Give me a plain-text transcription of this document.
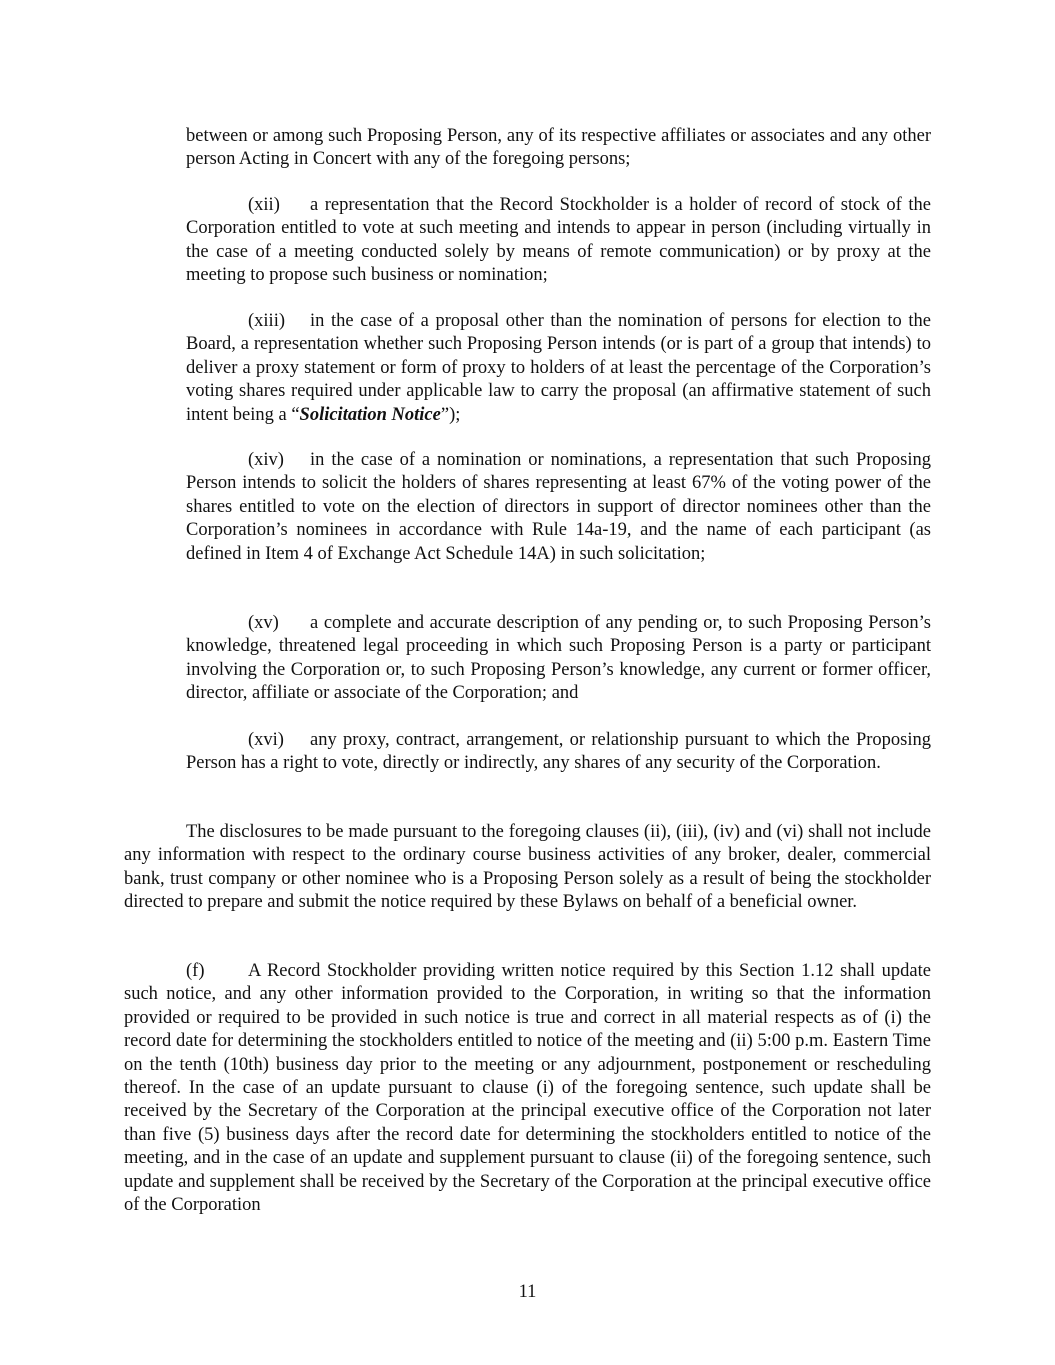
between or among such Proposing Person, any of its respective affiliates or associates and any other person Acting in Concert with any of the foregoing persons;

(xii) a representation that the Record Stockholder is a holder of record of stock of the Corporation entitled to vote at such meeting and intends to appear in person (including virtually in the case of a meeting conducted solely by means of remote communication) or by proxy at the meeting to propose such business or nomination;

(xiii) in the case of a proposal other than the nomination of persons for election to the Board, a representation whether such Proposing Person intends (or is part of a group that intends) to deliver a proxy statement or form of proxy to holders of at least the percentage of the Corporation’s voting shares required under applicable law to carry the proposal (an affirmative statement of such intent being a “Solicitation Notice”);

(xiv) in the case of a nomination or nominations, a representation that such Proposing Person intends to solicit the holders of shares representing at least 67% of the voting power of the shares entitled to vote on the election of directors in support of director nominees other than the Corporation’s nominees in accordance with Rule 14a-19, and the name of each participant (as defined in Item 4 of Exchange Act Schedule 14A) in such solicitation;

(xv) a complete and accurate description of any pending or, to such Proposing Person’s knowledge, threatened legal proceeding in which such Proposing Person is a party or participant involving the Corporation or, to such Proposing Person’s knowledge, any current or former officer, director, affiliate or associate of the Corporation; and

(xvi) any proxy, contract, arrangement, or relationship pursuant to which the Proposing Person has a right to vote, directly or indirectly, any shares of any security of the Corporation.

The disclosures to be made pursuant to the foregoing clauses (ii), (iii), (iv) and (vi) shall not include any information with respect to the ordinary course business activities of any broker, dealer, commercial bank, trust company or other nominee who is a Proposing Person solely as a result of being the stockholder directed to prepare and submit the notice required by these Bylaws on behalf of a beneficial owner.

(f) A Record Stockholder providing written notice required by this Section 1.12 shall update such notice, and any other information provided to the Corporation, in writing so that the information provided or required to be provided in such notice is true and correct in all material respects as of (i) the record date for determining the stockholders entitled to notice of the meeting and (ii) 5:00 p.m. Eastern Time on the tenth (10th) business day prior to the meeting or any adjournment, postponement or rescheduling thereof. In the case of an update pursuant to clause (i) of the foregoing sentence, such update shall be received by the Secretary of the Corporation at the principal executive office of the Corporation not later than five (5) business days after the record date for determining the stockholders entitled to notice of the meeting, and in the case of an update and supplement pursuant to clause (ii) of the foregoing sentence, such update and supplement shall be received by the Secretary of the Corporation at the principal executive office of the Corporation

11
